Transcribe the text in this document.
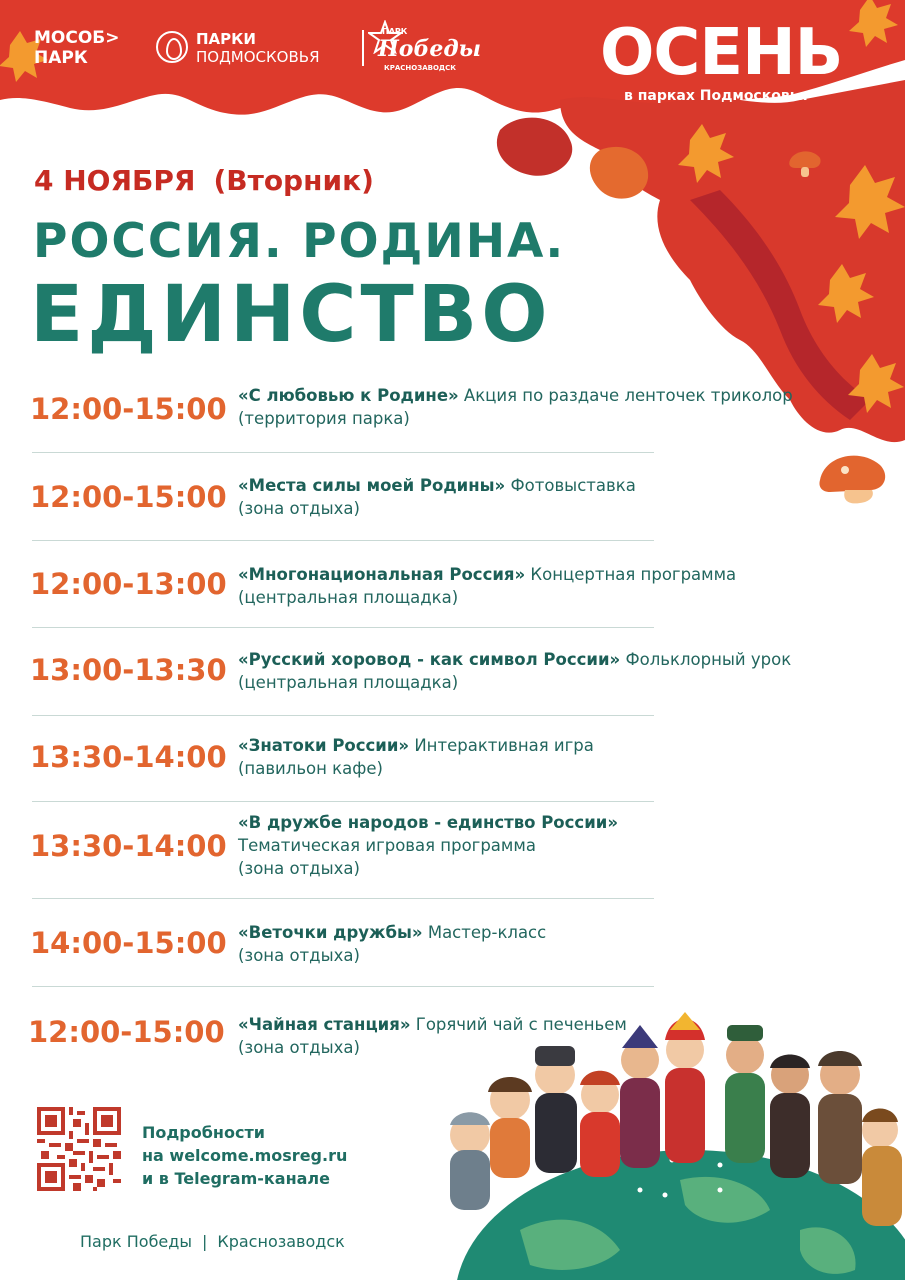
МОСОБ>
ПАРК
ПАРКИ
ПОДМОСКОВЬЯ
ПАРК
Победы
КРАСНОЗАВОДСК ОСЕНЬ
в парках Подмосковья
4 НОЯБРЯ (Вторник)
РОССИЯ. РОДИНА.
ЕДИНСТВО
12:00-15:00 «С любовью к Родине» Акция по раздаче ленточек триколор
(территория парка)
12:00-15:00 «Места силы моей Родины» Фотовыставка
(зона отдыха)
12:00-13:00 «Многонациональная Россия» Концертная программа
(центральная площадка)
13:00-13:30 «Русский хоровод - как символ России» Фольклорный урок
(центральная площадка)
13:30-14:00 «Знатоки России» Интерактивная игра
(павильон кафе)
13:30-14:00
«В дружбе народов - единство России»
Тематическая игровая программа
(зона отдыха)
14:00-15:00 «Веточки дружбы» Мастер-класс
(зона отдыха)
12:00-15:00 «Чайная станция» Горячий чай с печеньем
(зона отдыха)
Подробности
на welcome.mosreg.ru
и в Telegram-канале
Парк Победы | Краснозаводск
